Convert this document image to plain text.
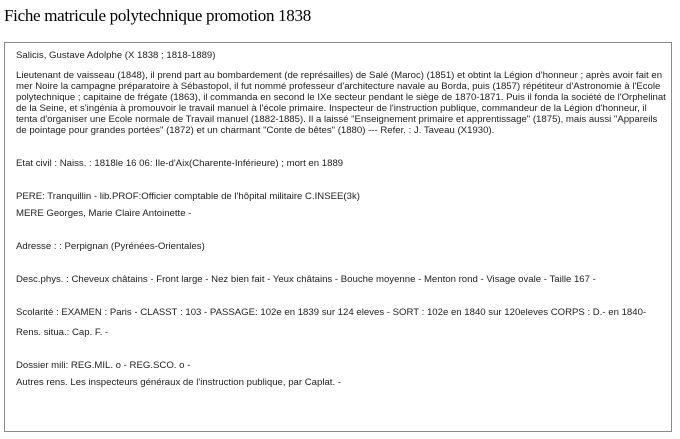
Fiche matricule polytechnique promotion 1838
Salicis, Gustave Adolphe (X 1838 ; 1818-1889)
Lieutenant de vaisseau (1848), il prend part au bombardement (de représailles) de Salé (Maroc) (1851) et obtint la Légion d'honneur ; après avoir fait en mer Noire la campagne préparatoire à Sébastopol, il fut nommé professeur d'architecture navale au Borda, puis (1857) répétiteur d'Astronomie à l'Ecole polytechnique ; capitaine de frégate (1863), il commanda en second le IXe secteur pendant le siège de 1870-1871. Puis il fonda la société de l'Orphelinat de la Seine, et s'ingénia à promouvoir le travail manuel à l'école primaire. Inspecteur de l'instruction publique, commandeur de la Légion d'honneur, il tenta d'organiser une Ecole normale de Travail manuel (1882-1885). Il a laissé "Enseignement primaire et apprentissage" (1875), mais aussi "Appareils de pointage pour grandes portées" (1872) et un charmant "Conte de bêtes" (1880) --- Refer. : J. Taveau (X1930).
Etat civil : Naiss. : 1818le 16 06: Ile-d'Aix(Charente-Inférieure) ; mort en 1889
PERE: Tranquillin - lib.PROF:Officier comptable de l'hôpital militaire C.INSEE(3k)
MERE Georges, Marie Claire Antoinette -
Adresse : : Perpignan (Pyrénées-Orientales)
Desc.phys. : Cheveux châtains - Front large - Nez bien fait - Yeux châtains - Bouche moyenne - Menton rond - Visage ovale - Taille 167 -
Scolarité : EXAMEN : Paris - CLASST : 103 - PASSAGE: 102e en 1839 sur 124 eleves - SORT : 102e en 1840 sur 120eleves CORPS : D.- en 1840-
Rens. situa.: Cap. F. -
Dossier mili: REG.MIL. o - REG.SCO. o -
Autres rens. Les inspecteurs généraux de l'instruction publique, par Caplat. -
